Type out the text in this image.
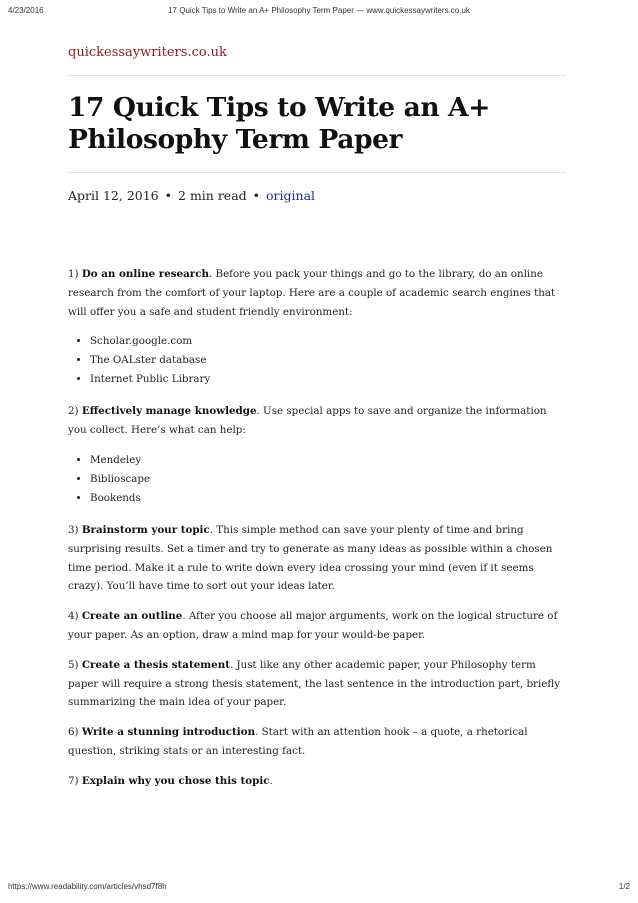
4/23/2016	17 Quick Tips to Write an A+ Philosophy Term Paper — www.quickessaywriters.co.uk
quickessaywriters.co.uk
17 Quick Tips to Write an A+ Philosophy Term Paper
April 12, 2016 • 2 min read • original

1) Do an online research. Before you pack your things and go to the library, do an online research from the comfort of your laptop. Here are a couple of academic search engines that will offer you a safe and student friendly environment:

• Scholar.google.com
• The OALster database
• Internet Public Library

2) Effectively manage knowledge. Use special apps to save and organize the information you collect. Here’s what can help:

• Mendeley
• Biblioscape
• Bookends

3) Brainstorm your topic. This simple method can save your plenty of time and bring surprising results. Set a timer and try to generate as many ideas as possible within a chosen time period. Make it a rule to write down every idea crossing your mind (even if it seems crazy). You’ll have time to sort out your ideas later.

4) Create an outline. After you choose all major arguments, work on the logical structure of your paper. As an option, draw a mind map for your would-be paper.

5) Create a thesis statement. Just like any other academic paper, your Philosophy term paper will require a strong thesis statement, the last sentence in the introduction part, briefly summarizing the main idea of your paper.

6) Write a stunning introduction. Start with an attention hook – a quote, a rhetorical question, striking stats or an interesting fact.

7) Explain why you chose this topic.

https://www.readability.com/articles/vhsd7f8h	1/2
